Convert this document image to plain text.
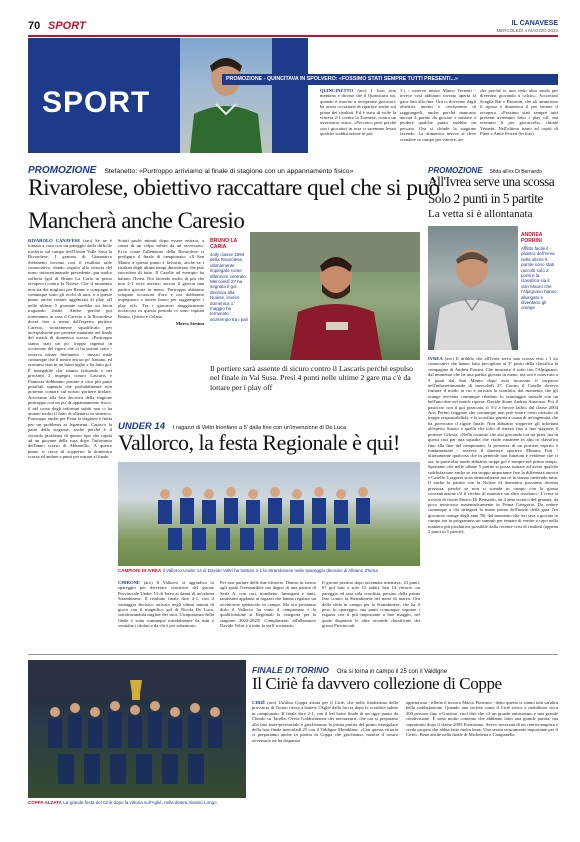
70 SPORT	IL CANAVESE
MERCOLEDÌ 4 MAGGIO 2022
SPORT
PROMOZIONE - QUINCITAVA IN SPOLVERO: «FOSSIMO STATI SEMPRE TUTTI PRESENTI...»
QUINCINETTO (aro) I fiori non mentono e dicono che il Quincitava sta, quando è riuscito a recuperare giocatori, ha avuto occasione di ripartire anche sul piano dei risultati. Ed è stato di volte la vittoria 2-1 contro la Torinese, contro un avversario ostico. «Peccato» però perché con i giocatori in rosa ci saremmo levati qualche soddisfazione in più.
3-) - osserva mister Marco Vernetti - invece così abbiamo trovato aperta la gara fino alla fine. Ora ci dovremo dagli obiettivi interni e cercheremo di raggiungerli, anche perché mancano ancora 4 partite da giocare e mistare a perdere qualche punto sarebbe un peccato. Ora si chiude la stagione facendo. La domenica invece si deve scendere in campo per vincere, an-
che perché io non vedo altro modo per divertirsi giocando a calcio». Accorciati Scaglia Rat e Bosonin, che ali ammirono il riposo e domenica il per tentare il recupero. «Fossimo stati sempre tutti presenti avremmo fatto i play off, ma eravamo li per giocarcela» chiude Vernetti. Nell'ultimo turno ad ospiti di Pinet e Amie Ferrari (in foto).
PROMOZIONE Stefanetto: «Purtroppo arriviamo al finale di stagione con un appannamento fisico»
Rivarolese, obiettivo raccattare quel che si può
Mancherà anche Caresio
RIVAROLO CANAVESE (aro) Se ne è tornata a casa con un pareggio dalla difficile trasferta sul campo dell'Union Valle Susa la Rivarolese. I granata di Gianmarco Stefanetto trovano così il risultato utile consecutivo, dando seguito alla vittoria del turno infrasettimanale precedente, pur molto sofferta (gol di Bruno La Caria in pieno recupero) contro la Noiese. Che il momento non sia dei migliori per Reano e compagni è comunque sotto gli occhi di tutti, e a queste punto anche restare agganciati al play off nelle ultime 5 giornate sarebbe un buon traguardo finale. Anche perché poi torneranno in casa il Caresio e la Rivarolese dovrà fare a meno dell'esperto portiere Caresio, sicuramente squalificato per un'espulsione per proteste maturata nel finale del match di domenica scorsa. «Purtroppo siamo stati un po' troppo ingenui in occasione del rigore che ci ha portati sotto - osserva mister Stefanetto - mezzo male comunque che il nostro era un po' lontano, ed eravamo stati in un buon taglio e ha fatto gol. È innegabile che stiamo faticando e nei prossimi 2 impegni contro Lascaris e Pianezza dobbiamo portare a casa più punti possibili sapendo che probabilmente non potremo contare sul nostro portiere titolare. Arriviamo alla fase decisiva della stagione purtroppo con un po' di appannamento fisico, il nel corso degli infortuni subiti non ci ha aiutato molto il fatto di allenarsi in sintetico. Purtroppo anche per Feira la stagione è finita per un problema ai legamenti. Capisco la parte della stagione, anche perché è il secondo problema di questo tipo che capita ad un giovane della rosa dopo l'infortunio dell'anno scorso di Abbaselli». A questo punto si cerca di sopperire la domenica scorsa ed andare a punti per mirare al finale.
Scutti pochi minuti dopo essere entrato, a causa di un colpo subito da un avversario. Ecco come l'allenatore della Rivarolese si prefigura il finale di campionato: «Il San Mauro a questo punto è favorito, anche se i risultati degli ultimi tempi dimostrano che può succedere di tutto. Il Caselle ad esempio ha battuto l'Ivrea. Noi facendo molto di più che non 2-1 recte avremo ancora il giocon una partita giocata in meno. Purtroppo abbiamo sciupato occasioni d'oro e ora dobbiamo impegnarci a tenere basso per raggiungere i play off». Tra i giocatori maggiormente acciaccati in questo periodo ci sono capitan Reano, Querio e Celano.
Marco Stesina
BRUNO LA CARIA
Jolly classe 1994 della Rivarolese, ultimamente impiegato come difensore centrale. Mercoledì 27 ha segnato il gol decisivo alla Noiese, invece domenica 1° maggio ha terminato anzitempo tra i pali
Il portiere sarà assente di sicuro contro il Lascaris perché espulso nel finale in Val Susa. Presi 4 punti nelle ultime 2 gare ma c'è da lottare per i play off
UNDER 14 I ragazzi di Veltri trionfano a 5' dalla fine con un'invenzione di De Luca
Vallorco, la festa Regionale è qui!
CAMPIONI DI IVREA Il Vallorco Under 14 di Davide Veltri ha battuto 2-1 la Strambinese nelle spareggio decisivo di Albiano d'Ivrea
CHIRONE (aro) Il Vallorco si aggiudica lo spareggio per decretare vincitrice del girone Provinciale Under 14 di Ivrea ai danni di un'ottima Strambinese. Il risultato finale dice 2-1, con il vantaggio decisivo arrivato negli ultimi minuti di gioco con il magnifico gol di Nicola De Luca, sottolineandola miglior dei suoi. L'importanza della finale è stata comunque mirabilmente da tutti e ventidue i titolari e da chi è poi subentrato.
Per non parlare delle due tifoserie. Dentro in sterno agli spalti l'inesauribile ma degno di una partita di Serie A, con cori, trombette, fumogeni e tanti, tantissimi applausi ai ragazzi che hanno regalato un avvincente spettacolo in campo. Ma ora possiamo dirlo il Vallorco ha vinto il campionato e la qualificazione ai Regionali la categoria per la stagione 2022-2023! Complimenti all'allenatore Davide Veltri e a tutto lo staff societario.
Il girone persino dopo un'annata intensiva: 43 punti, 67 gol fatti e solo 15 subiti, ben 14 vittorie, un pareggio ed una sola sconfitta, persino della prima fase contro la Strambinese nel mese di marzo. Ora della sfida in campo per la Strambinese, che ha il peso lo spareggio, ma punti comunque sognare i ragazzi con il più importante a fine maggio, nel quale disputerà le altre seconde classificate dei gironi Provinciali.
PROMOZIONE Sfida all'ex Di Bernardo
All'Ivrea serve una scossa
Solo 2 punti in 5 partite
La vetta si è allontanata
ANDREA PORRINI
Afflitto facile il pilastro dell'Ivrea nella ultime 5 partite sono stati raccolti solo 2 punti e la classifica sia il San Mauro che l'Alpignano hanno allungato e diventano gli orange
IVREA (aro) Il dribblo che all'Ivrea serva una scossa visti i 3 ko consecutivi che hanno fatto precipitare al 3° posto della classifica la compagine di Andrea Porrini. Che mostrare il sotto tiro l'Alpignano, dal momento che ha una partita giocata in meno, ma ora è osservato a 5 punti dal San Mauro dopo aver incassato il sorpasso nell'infrasettimanale di mercoledì 27. Contro il Caselle dovevo fruttare il modo in cui è arrivata la sconfitta, dal momento che gli orange avevano comunque ribaltato lo svantaggio iniziale con un bell'uno-due nel match ripresa: Davide Stone Andrea Amoruso. Poi il pasticcio con il gol pizzicato, il 3-2 a favore fallito dal classe 2004 Aris Perino (siggiare che comunque non può essere certo caricato di troppe responsabilità), e la sconfitta giunta a causa di un'ingenuità che ha provocato il rigore finale. Non abbiamo sopperire gli infortuni all'eperto Sinoto e quello che tolto di mezzo fino a fine stagione il portiere Celesia. «Nella contesto che stai giocando ora tra prati, ma in questi casi per una squadra che vuole rimanere in alto in classifica fino alla fine del campionato, la presenza di un portiere esperto è fondamentale - osserva il direttore sportivo Mimmo Foti - ultimamente qualcosa che in generale non funzioni è evidente che ci sia, in particolar modo abbiamo troppi gol e sempre nel primo tempo. Speriamo che nelle ultime 5 partite si possa tornare ad avere qualche soddisfazione anche se era troppo importante fare la differenza ancora e Caselle. I ragazzi sono demoralizzati ma ce la stanno mettendo tutta. Il anche la partita con la Nolese di domenica prossima diventa preziosa, perché se non si scende in campo con la giusta concentrazione c'è il rischio di mancare un altro risultato». L'ivrea si troverà di fronte Enrico Di Bernardo, da 4 anni tecnico del granata, da poco retrocesso matematicamente in Prima Categoria. Da vedere comunque a chi stringerà la mano prima dell'inizio della gara l'ex giocatore orange degli anni '80, dal momento che ieri sera a giocate in campo era in programma un summit per tentare di venire a capo nella maniera più produttiva possibile dalla recente crisi di risultati (appena 2 punti in 5 partite).
COPPA ALZATA La grande festa del Ciriè dopo la vittoria sull'Aglié, nella destra Alessio Longo
FINALE DI TORINO Ora si torna in campo il 25 con il Valdigne
Il Ciriè fa davvero collezione di Coppe
CIRIÈ (aro) Un'altra Coppa alzata per il Ciriè, che nella finalissima della provincia di Torino riesce a battere l'Aglié dalla faccia dopo le sconfitte subite in campionato. Il finale dice 2-1, con il bel botto finale di un tigre punto da Chiodo su Tarella. Ovvia l'oddisfazione dei neroazzurri, che ora si preparano alla fase inter-provinciale e giocheranno la prima partita del primo triangolare della fase finale mercoledì 25 con il Valdigne Montblanc. «Con questa vittoria ci prepariamo anche in partita di Coppa che giochiamo, mentre il nostro avversario ne ha disputata
appena una - riflette il tecnico Marco Pizzorno - detto questo ci siamo tolti un'altra bella soddisfazione. Quando una società come il Ciriè riesce a mobilitare circa 200 persone fino a Gassino, vuol dire che c'è un grande entusiasmo e una grande condivisione. È sono molto contento che abbiamo fatto una grande partita, ma soprattutto dopo il classe 2005 Formisano. Avevo necessità di un centrocampista e credo proprio che abbia fatto molto bene. Una serata sicuramente importante per il Ciriè». Bene anche nella finale di Micheletta e Campanella.
